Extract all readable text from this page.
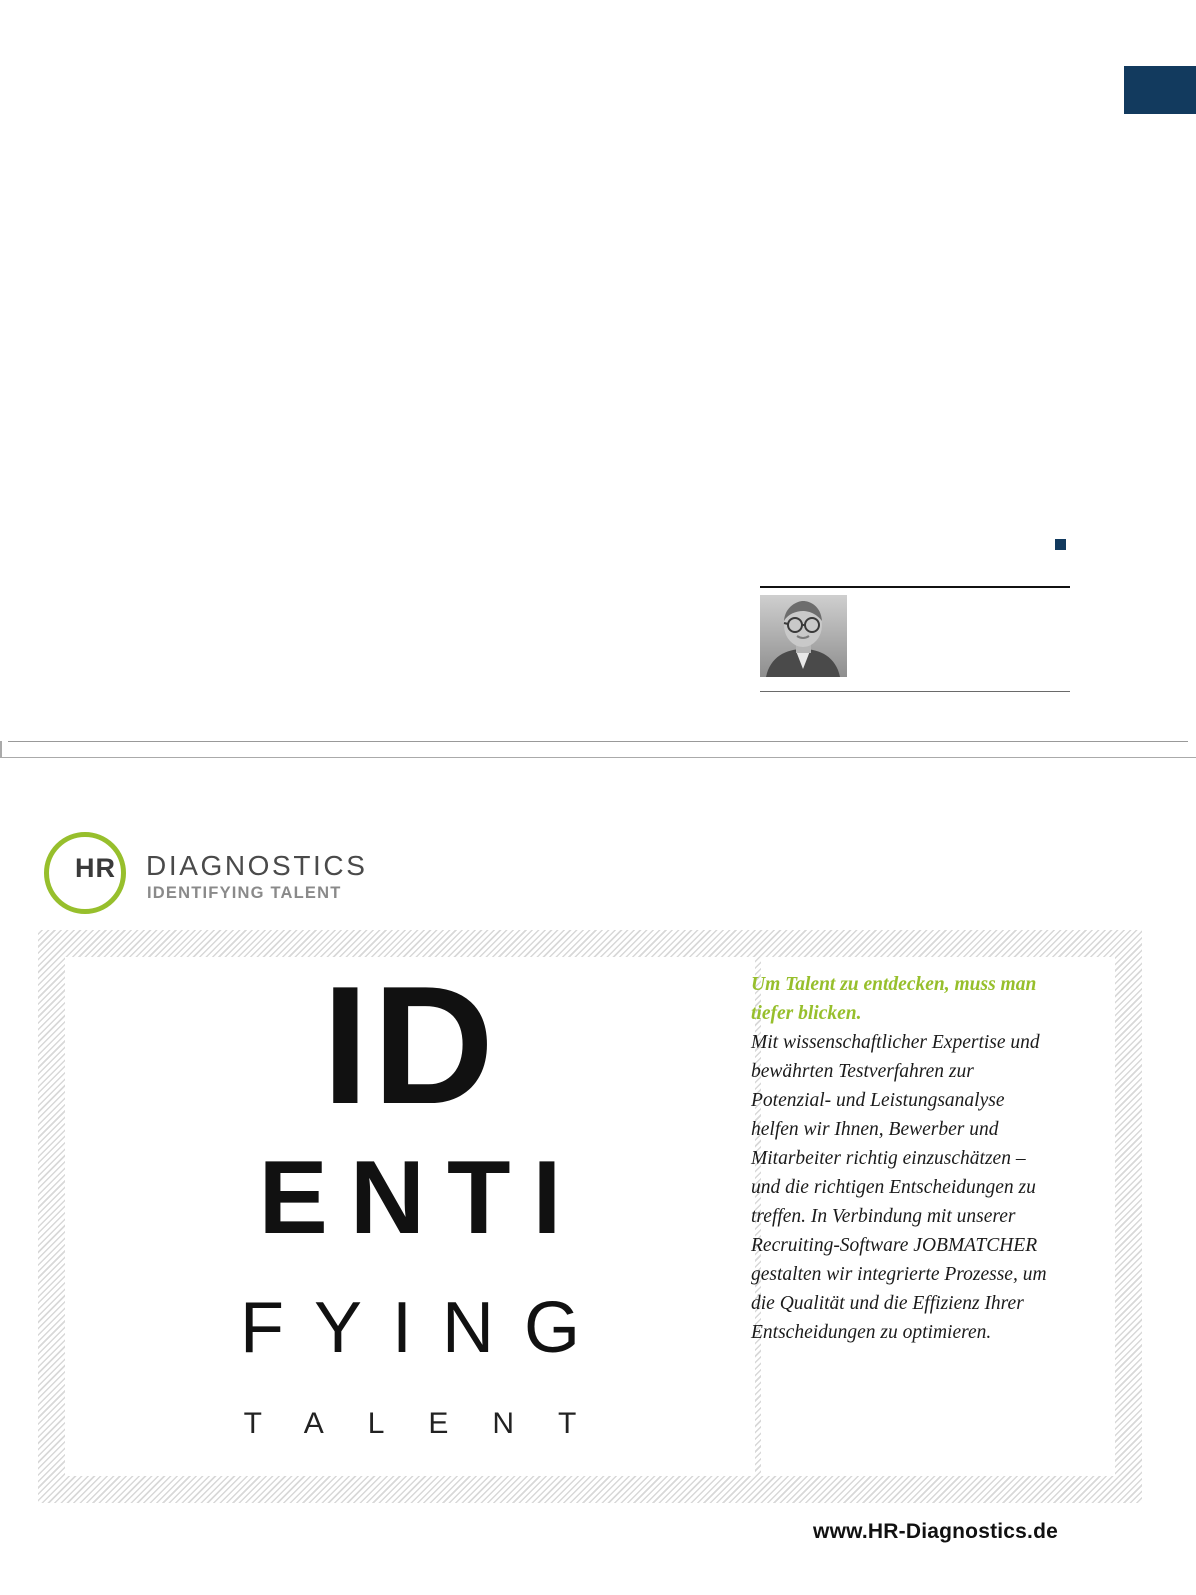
HR DIAGNOSTICS
IDENTIFYING TALENT
ID
ENTI
FYING
TALENT
Um Talent zu entdecken, muss man tiefer blicken.
Mit wissenschaftlicher Expertise und bewährten Testverfahren zur Potenzial- und Leistungsanalyse helfen wir Ihnen, Bewerber und Mitarbeiter richtig einzuschätzen – und die richtigen Entscheidungen zu treffen. In Verbindung mit unserer Recruiting-Software JOBMATCHER gestalten wir integrierte Prozesse, um die Qualität und die Effizienz Ihrer Entscheidungen zu optimieren.
www.HR-Diagnostics.de
